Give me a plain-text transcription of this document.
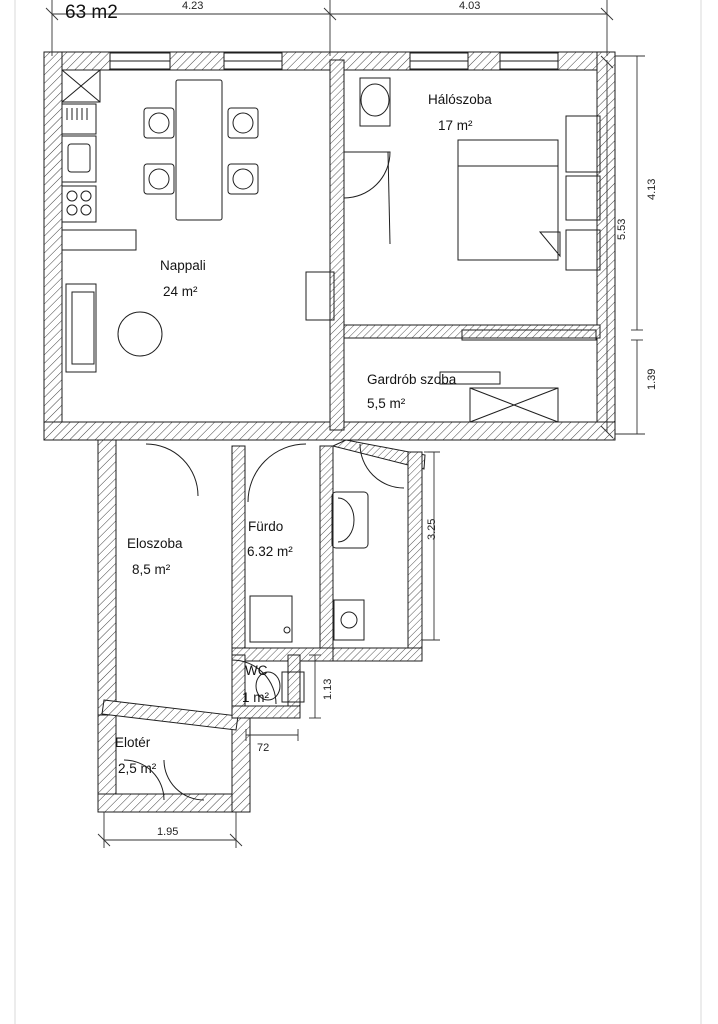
63 m2
Nappali
24 m²
Hálószoba
17 m²
Gardrób szoba
5,5 m²
Eloszoba
8,5 m²
Fürdo
6.32 m²
WC
1 m²
Elotér
2,5 m²
4.23	4.03
72
1.95
4.13
5.53
1.39
3.25
1.13
